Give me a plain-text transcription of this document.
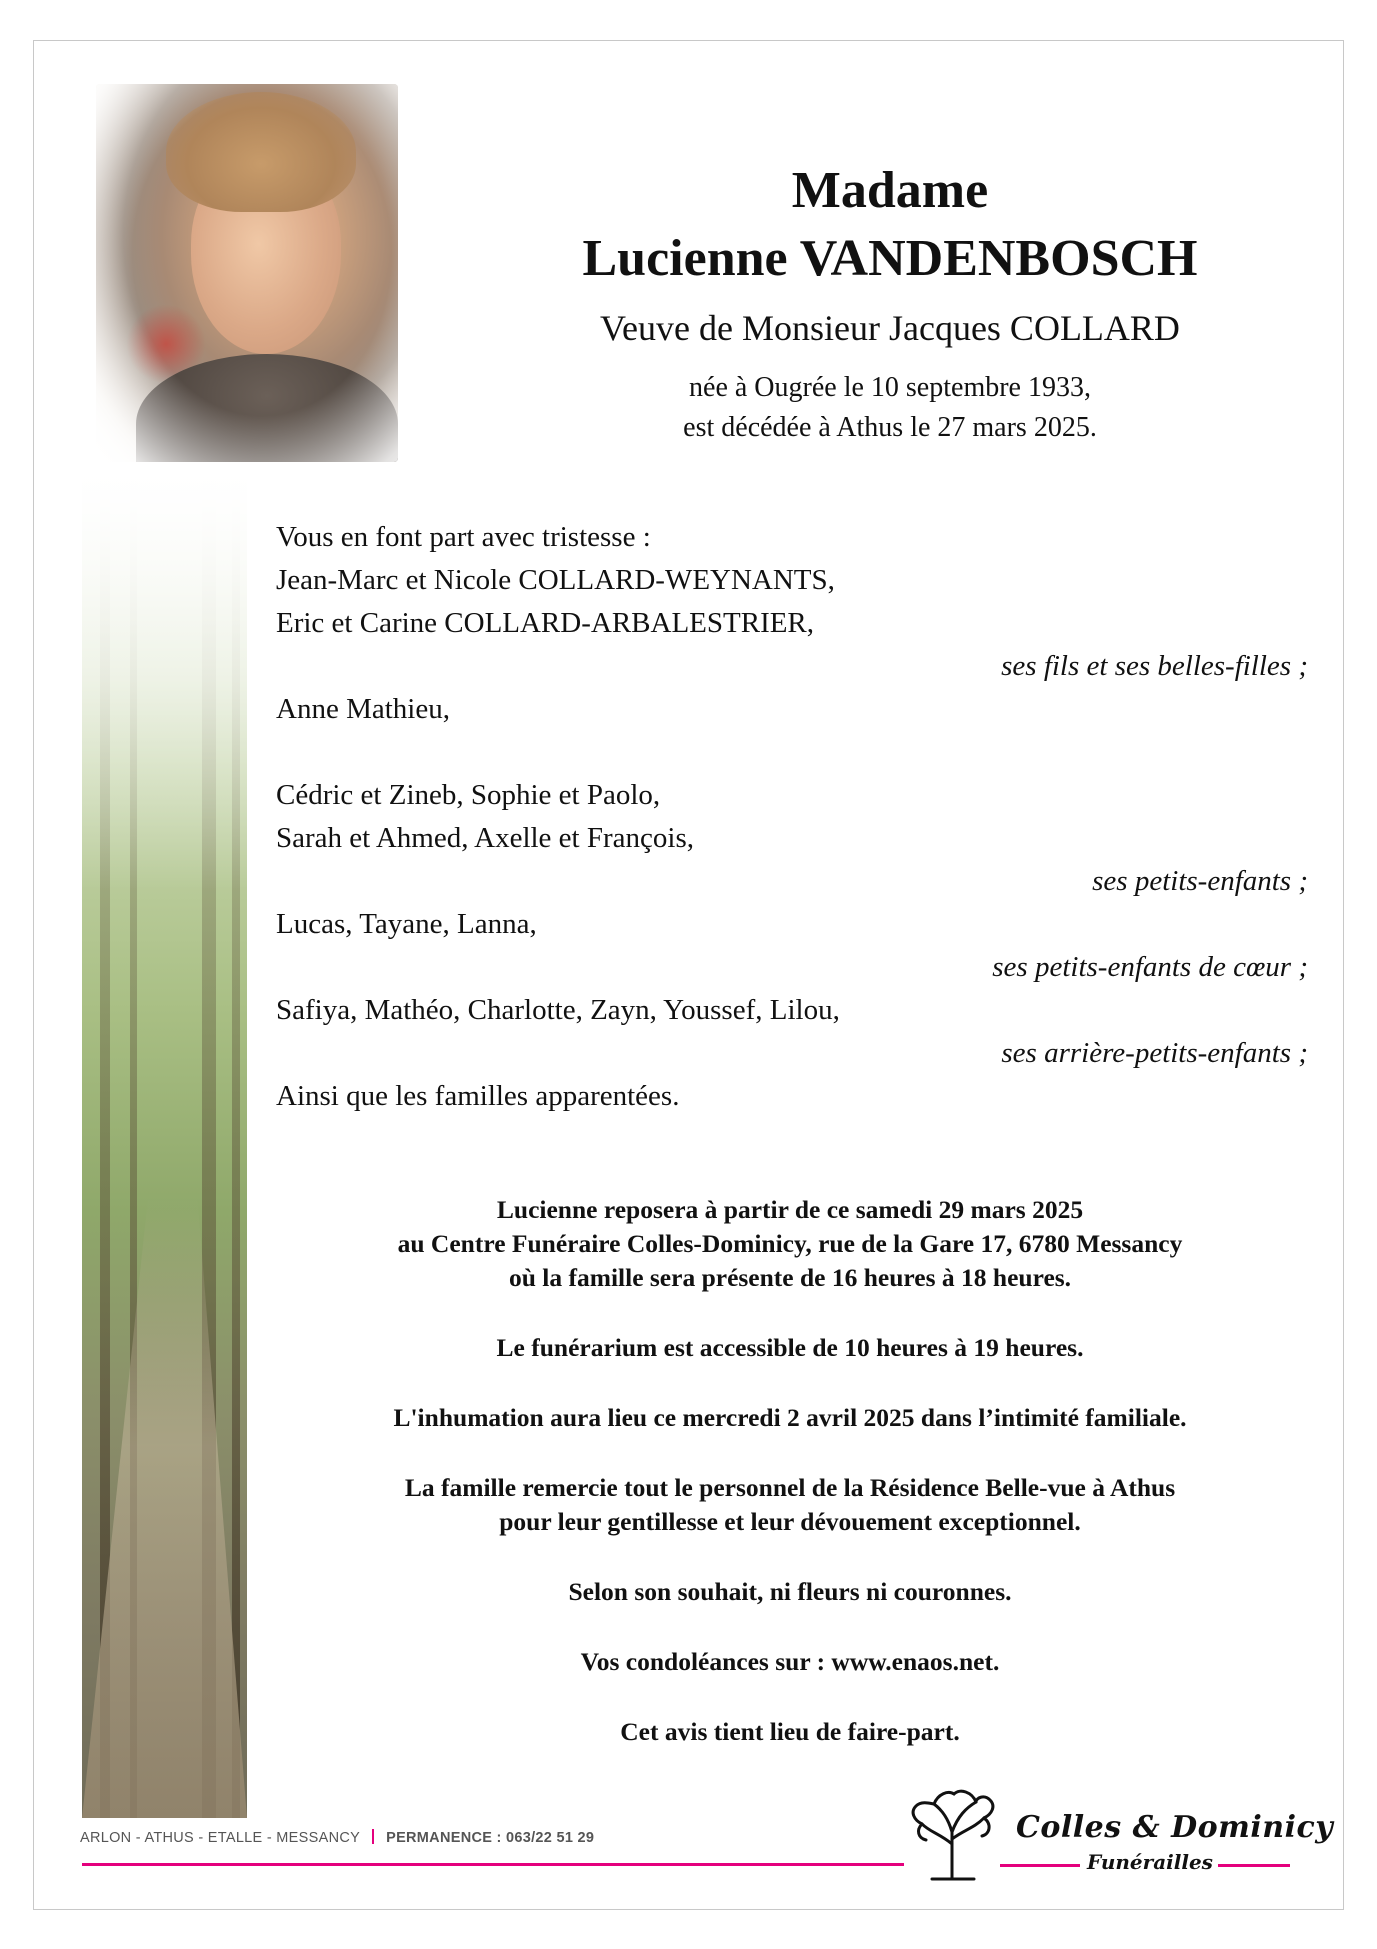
Madame
Lucienne VANDENBOSCH
Veuve de Monsieur Jacques COLLARD
née à Ougrée le 10 septembre 1933,
est décédée à Athus le 27 mars 2025.
Vous en font part avec tristesse :
Jean-Marc et Nicole COLLARD-WEYNANTS,
Eric et Carine COLLARD-ARBALESTRIER,
ses fils et ses belles-filles ;
Anne Mathieu,
Cédric et Zineb, Sophie et Paolo,
Sarah et Ahmed, Axelle et François,
ses petits-enfants ;
Lucas, Tayane, Lanna,
ses petits-enfants de cœur ;
Safiya, Mathéo, Charlotte, Zayn, Youssef, Lilou,
ses arrière-petits-enfants ;
Ainsi que les familles apparentées.
Lucienne reposera à partir de ce samedi 29 mars 2025
au Centre Funéraire Colles-Dominicy, rue de la Gare 17, 6780 Messancy
où la famille sera présente de 16 heures à 18 heures.
Le funérarium est accessible de 10 heures à 19 heures.
L'inhumation aura lieu ce mercredi 2 avril 2025 dans l’intimité familiale.
La famille remercie tout le personnel de la Résidence Belle-vue à Athus
pour leur gentillesse et leur dévouement exceptionnel.
Selon son souhait, ni fleurs ni couronnes.
Vos condoléances sur : www.enaos.net.
Cet avis tient lieu de faire-part.
ARLON - ATHUS - ETALLE - MESSANCY PERMANENCE : 063/22 51 29	Colles & Dominicy
Funérailles
